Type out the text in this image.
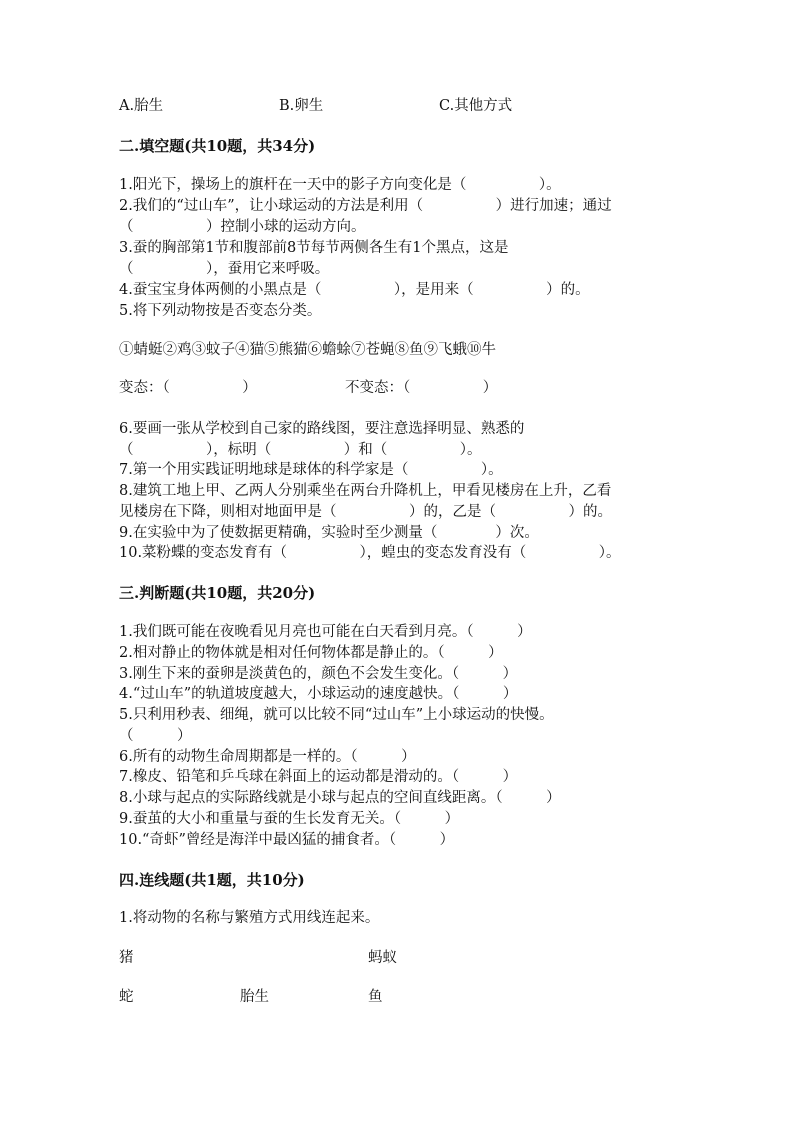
A.胎生	B.卵生	C.其他方式
二.填空题(共10题，共34分)
1.阳光下，操场上的旗杆在一天中的影子方向变化是（　　　　　）。
2.我们的“过山车”，让小球运动的方法是利用（　　　　　）进行加速；通过
（　　　　　）控制小球的运动方向。
3.蚕的胸部第1节和腹部前8节每节两侧各生有1个黑点，这是
（　　　　　），蚕用它来呼吸。
4.蚕宝宝身体两侧的小黑点是（　　　　　），是用来（　　　　　）的。
5.将下列动物按是否变态分类。
①蜻蜓②鸡③蚊子④猫⑤熊猫⑥蟾蜍⑦苍蝇⑧鱼⑨飞蛾⑩牛
变态：（　　　　　）	不变态：（　　　　　）
6.要画一张从学校到自己家的路线图，要注意选择明显、熟悉的
（　　　　　），标明（　　　　　）和（　　　　　）。
7.第一个用实践证明地球是球体的科学家是（　　　　　）。
8.建筑工地上甲、乙两人分别乘坐在两台升降机上，甲看见楼房在上升，乙看
见楼房在下降，则相对地面甲是（　　　　　）的，乙是（　　　　　）的。
9.在实验中为了使数据更精确，实验时至少测量（　　　　）次。
10.菜粉蝶的变态发育有（　　　　　），蝗虫的变态发育没有（　　　　　）。
三.判断题(共10题，共20分)
1.我们既可能在夜晚看见月亮也可能在白天看到月亮。（　　　）
2.相对静止的物体就是相对任何物体都是静止的。（　　　）
3.刚生下来的蚕卵是淡黄色的，颜色不会发生变化。（　　　）
4.“过山车”的轨道坡度越大，小球运动的速度越快。（　　　）
5.只利用秒表、细绳，就可以比较不同“过山车”上小球运动的快慢。
（　　　）
6.所有的动物生命周期都是一样的。（　　　）
7.橡皮、铅笔和乒乓球在斜面上的运动都是滑动的。（　　　）
8.小球与起点的实际路线就是小球与起点的空间直线距离。（　　　）
9.蚕茧的大小和重量与蚕的生长发育无关。（　　　）
10.“奇虾”曾经是海洋中最凶猛的捕食者。（　　　）
四.连线题(共1题，共10分)
1.将动物的名称与繁殖方式用线连起来。
猪	蚂蚁
蛇	胎生	鱼
